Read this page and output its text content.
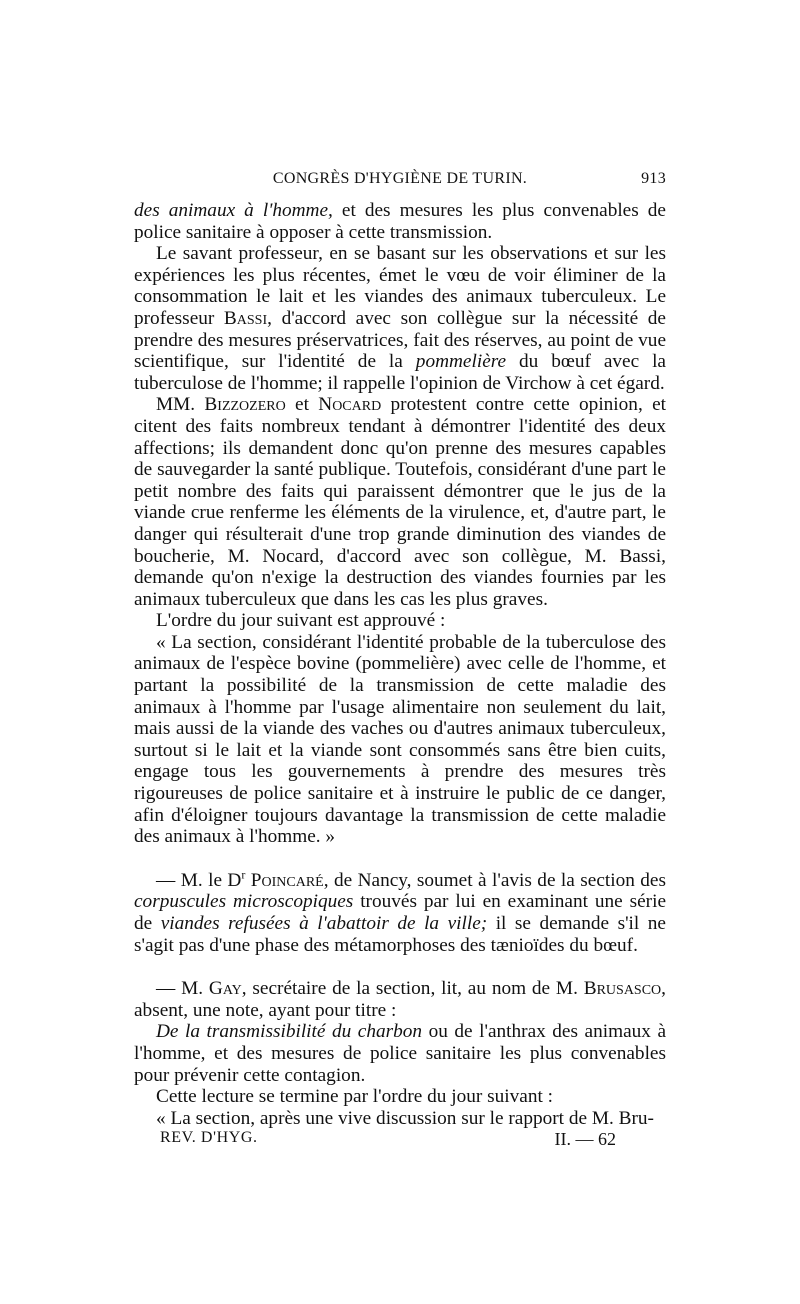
CONGRÈS D'HYGIÈNE DE TURIN.	913

des animaux à l'homme, et des mesures les plus convenables de police sanitaire à opposer à cette transmission.

Le savant professeur, en se basant sur les observations et sur les expériences les plus récentes, émet le vœu de voir éliminer de la consommation le lait et les viandes des animaux tuberculeux. Le professeur Bassi, d'accord avec son collègue sur la nécessité de prendre des mesures préservatrices, fait des réserves, au point de vue scientifique, sur l'identité de la pommelière du bœuf avec la tuberculose de l'homme; il rappelle l'opinion de Virchow à cet égard.

MM. Bizzozero et Nocard protestent contre cette opinion, et citent des faits nombreux tendant à démontrer l'identité des deux affections; ils demandent donc qu'on prenne des mesures capables de sauvegarder la santé publique. Toutefois, considérant d'une part le petit nombre des faits qui paraissent démontrer que le jus de la viande crue renferme les éléments de la virulence, et, d'autre part, le danger qui résulterait d'une trop grande diminution des viandes de boucherie, M. Nocard, d'accord avec son collègue, M. Bassi, demande qu'on n'exige la destruction des viandes fournies par les animaux tuberculeux que dans les cas les plus graves.

L'ordre du jour suivant est approuvé :

« La section, considérant l'identité probable de la tuberculose des animaux de l'espèce bovine (pommelière) avec celle de l'homme, et partant la possibilité de la transmission de cette maladie des animaux à l'homme par l'usage alimentaire non seulement du lait, mais aussi de la viande des vaches ou d'autres animaux tuberculeux, surtout si le lait et la viande sont consommés sans être bien cuits, engage tous les gouvernements à prendre des mesures très rigoureuses de police sanitaire et à instruire le public de ce danger, afin d'éloigner toujours davantage la transmission de cette maladie des animaux à l'homme. »

— M. le $D^r$ Poincaré, de Nancy, soumet à l'avis de la section des corpuscules microscopiques trouvés par lui en examinant une série de viandes refusées à l'abattoir de la ville; il se demande s'il ne s'agit pas d'une phase des métamorphoses des tænioïdes du bœuf.

— M. Gay, secrétaire de la section, lit, au nom de M. Brusasco, absent, une note, ayant pour titre :

De la transmissibilité du charbon ou de l'anthrax des animaux à l'homme, et des mesures de police sanitaire les plus convenables pour prévenir cette contagion.

Cette lecture se termine par l'ordre du jour suivant :

« La section, après une vive discussion sur le rapport de M. Bru-

REV. D'HYG.	II. — 62
